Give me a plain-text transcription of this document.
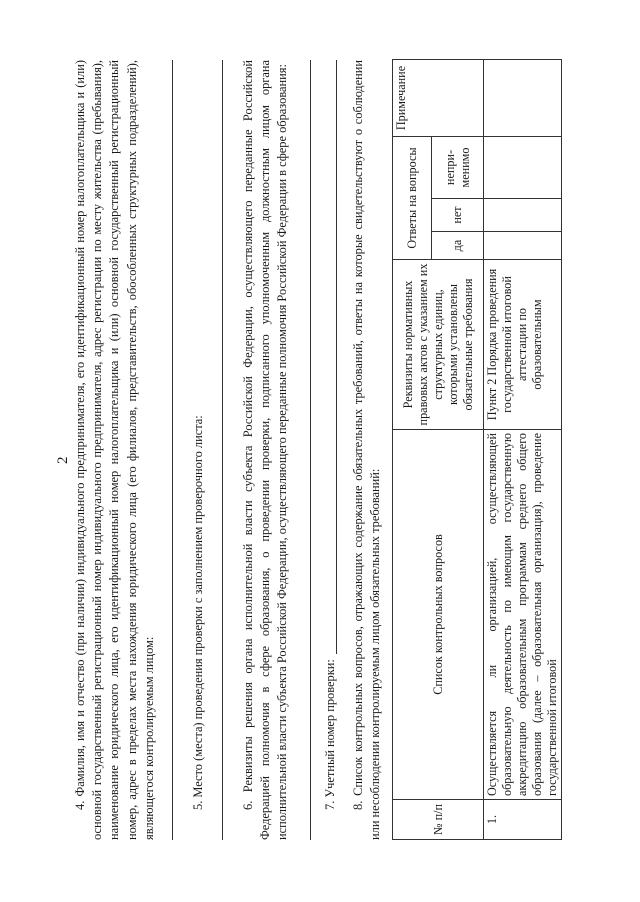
2 4. Фамилия, имя и отчество (при наличии) индивидуального предпринимателя, его идентификационный номер налогоплательщика и (или) основной государственный регистрационный номер индивидуального предпринимателя, адрес регистрации по месту жительства (пребывания), наименование юридического лица, его идентификационный номер налогоплательщика и (или) основной государственный регистрационный номер, адрес в пределах места нахождения юридического лица (его филиалов, представительств, обособленных структурных подразделений), являющегося контролируемым лицом:	5. Место (места) проведения проверки с заполнением проверочного листа:	6. Реквизиты решения органа исполнительной власти субъекта Российской Федерации, осуществляющего переданные Российской Федерацией полномочия в сфере образования, о проведении проверки, подписанного уполномоченным должностным лицом органа исполнительной власти субъекта Российской Федерации, осуществляющего переданные полномочия Российской Федерации в сфере образования:	7. Учетный номер проверки: 8. Список контрольных вопросов, отражающих содержание обязательных требований, ответы на которые свидетельствуют о соблюдении или несоблюдении контролируемым лицом обязательных требований:	№ п/п	Список контрольных вопросов	Реквизиты нормативных правовых актов с указанием их структурных единиц, которыми установлены обязательные требования	Ответы на вопросы			Примечание
			да	нет	непри-менимо	
1.	Осуществляется ли организацией, осуществляющей образовательную деятельность по имеющим государственную аккредитацию образовательным программам среднего общего образования (далее – образовательная организация), проведение государственной итоговой	Пункт 2 Порядка проведения государственной итоговой аттестации по образовательным				
